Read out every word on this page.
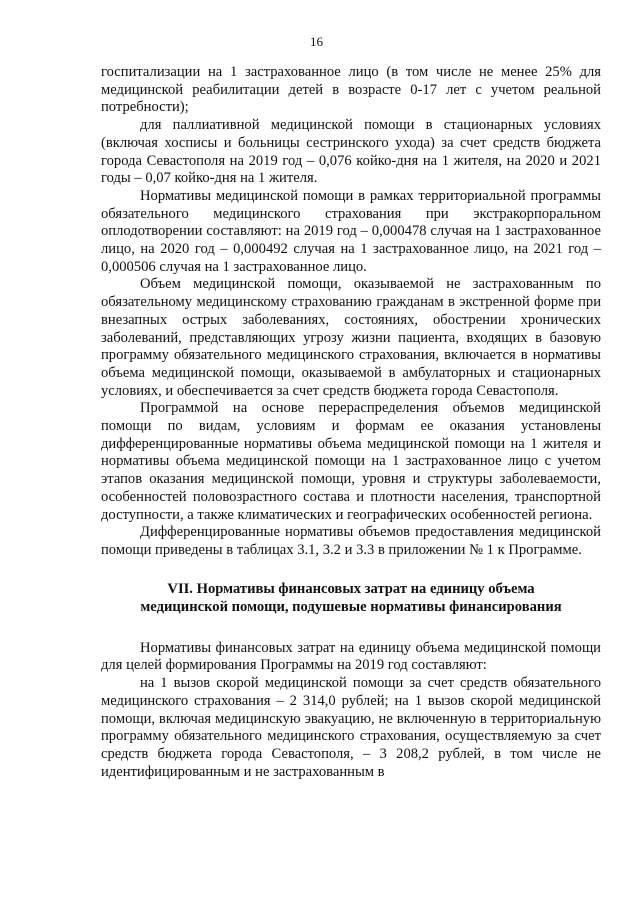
16

госпитализации на 1 застрахованное лицо (в том числе не менее 25% для медицинской реабилитации детей в возрасте 0-17 лет с учетом реальной потребности);

для паллиативной медицинской помощи в стационарных условиях (включая хосписы и больницы сестринского ухода) за счет средств бюджета города Севастополя на 2019 год – 0,076 койко-дня на 1 жителя, на 2020 и 2021 годы – 0,07 койко-дня на 1 жителя.

Нормативы медицинской помощи в рамках территориальной программы обязательного медицинского страхования при экстракорпоральном оплодотворении составляют: на 2019 год – 0,000478 случая на 1 застрахованное лицо, на 2020 год – 0,000492 случая на 1 застрахованное лицо, на 2021 год – 0,000506 случая на 1 застрахованное лицо.

Объем медицинской помощи, оказываемой не застрахованным по обязательному медицинскому страхованию гражданам в экстренной форме при внезапных острых заболеваниях, состояниях, обострении хронических заболеваний, представляющих угрозу жизни пациента, входящих в базовую программу обязательного медицинского страхования, включается в нормативы объема медицинской помощи, оказываемой в амбулаторных и стационарных условиях, и обеспечивается за счет средств бюджета города Севастополя.

Программой на основе перераспределения объемов медицинской помощи по видам, условиям и формам ее оказания установлены дифференцированные нормативы объема медицинской помощи на 1 жителя и нормативы объема медицинской помощи на 1 застрахованное лицо с учетом этапов оказания медицинской помощи, уровня и структуры заболеваемости, особенностей половозрастного состава и плотности населения, транспортной доступности, а также климатических и географических особенностей региона.

Дифференцированные нормативы объемов предоставления медицинской помощи приведены в таблицах 3.1, 3.2 и 3.3 в приложении № 1 к Программе.

VII. Нормативы финансовых затрат на единицу объема
медицинской помощи, подушевые нормативы финансирования

Нормативы финансовых затрат на единицу объема медицинской помощи для целей формирования Программы на 2019 год составляют:

на 1 вызов скорой медицинской помощи за счет средств обязательного медицинского страхования – 2 314,0 рублей; на 1 вызов скорой медицинской помощи, включая медицинскую эвакуацию, не включенную в территориальную программу обязательного медицинского страхования, осуществляемую за счет средств бюджета города Севастополя, – 3 208,2 рублей, в том числе не идентифицированным и не застрахованным в
